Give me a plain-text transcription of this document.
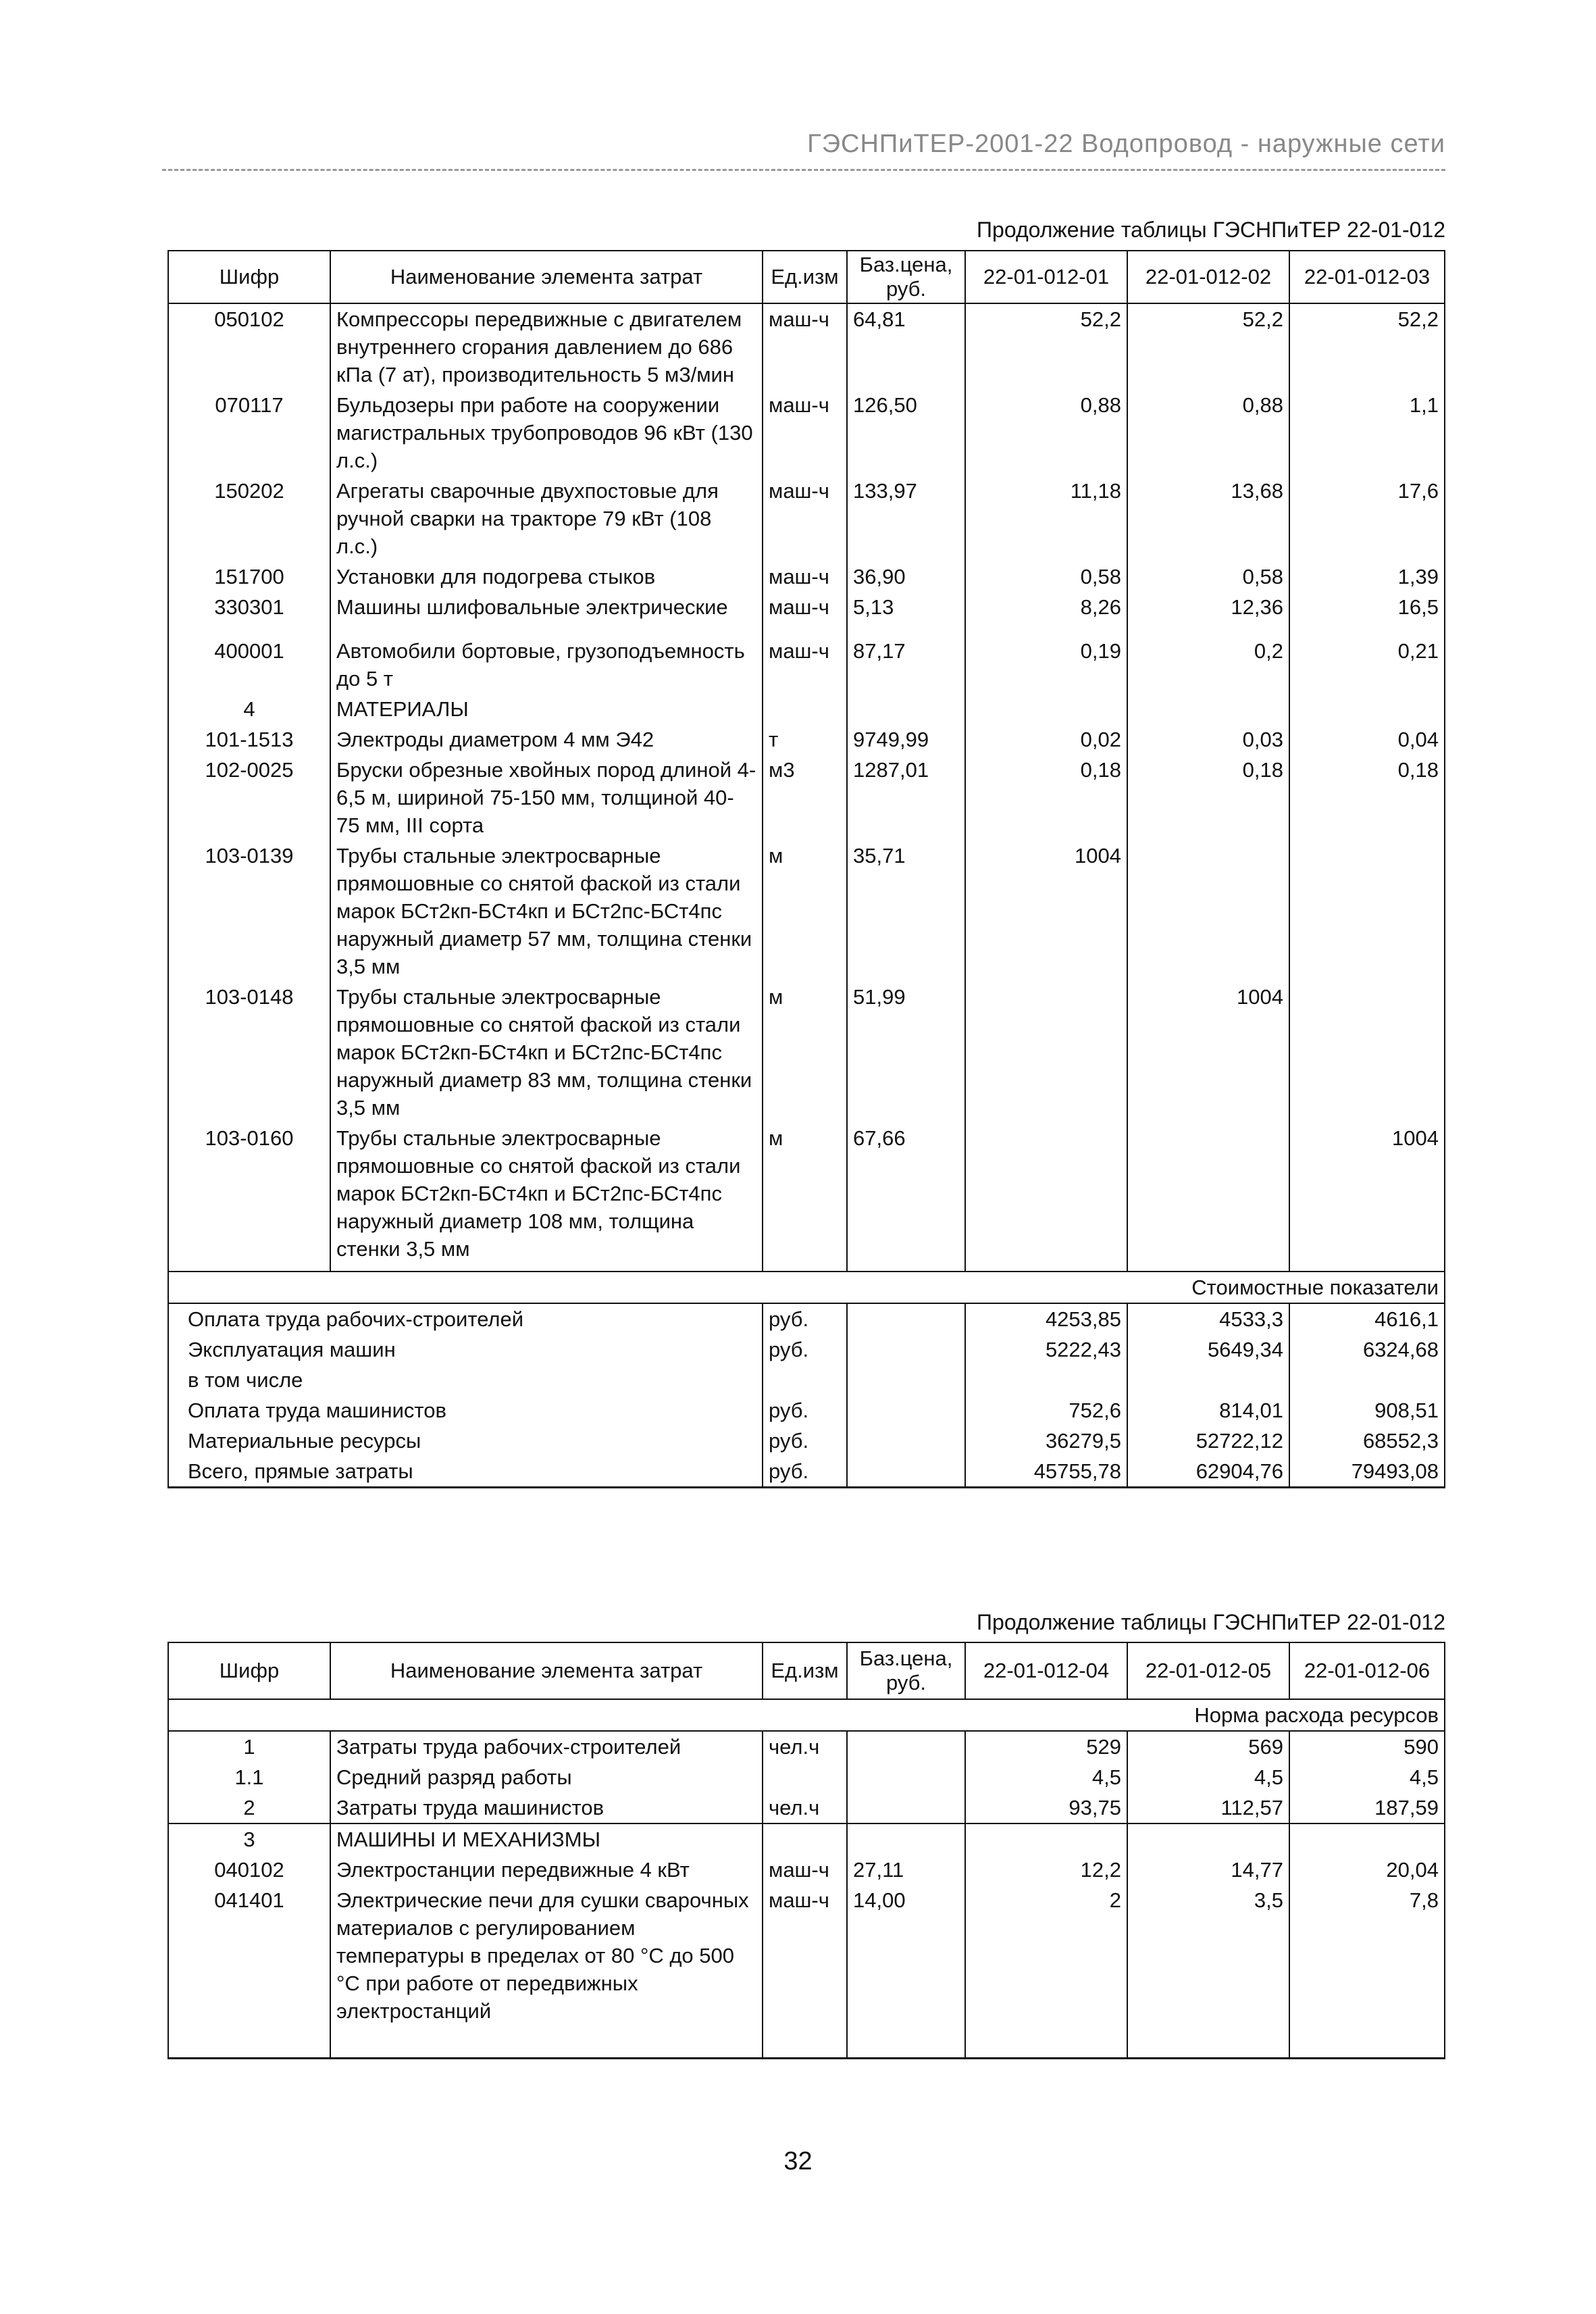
ГЭСНПиТЕР-2001-22 Водопровод - наружные сети
Продолжение таблицы ГЭСНПиТЕР 22-01-012
Шифр	Наименование элемента затрат	Ед.изм	Баз.цена, руб.	22-01-012-01	22-01-012-02	22-01-012-03
050102	Компрессоры передвижные с двигателем внутреннего сгорания давлением до 686 кПа (7 ат), производительность 5 м3/мин	маш-ч	64,81	52,2	52,2	52,2
070117	Бульдозеры при работе на сооружении магистральных трубопроводов 96 кВт (130 л.с.)	маш-ч	126,50	0,88	0,88	1,1
150202	Агрегаты сварочные двухпостовые для ручной сварки на тракторе 79 кВт (108 л.с.)	маш-ч	133,97	11,18	13,68	17,6
151700	Установки для подогрева стыков	маш-ч	36,90	0,58	0,58	1,39
330301	Машины шлифовальные электрические	маш-ч	5,13	8,26	12,36	16,5
400001	Автомобили бортовые, грузоподъемность до 5 т	маш-ч	87,17	0,19	0,2	0,21
4	МАТЕРИАЛЫ					
101-1513	Электроды диаметром 4 мм Э42	т	9749,99	0,02	0,03	0,04
102-0025	Бруски обрезные хвойных пород длиной 4-6,5 м, шириной 75-150 мм, толщиной 40-75 мм, III сорта	м3	1287,01	0,18	0,18	0,18
103-0139	Трубы стальные электросварные прямошовные со снятой фаской из стали марок БСт2кп-БСт4кп и БСт2пс-БСт4пс наружный диаметр 57 мм, толщина стенки 3,5 мм	м	35,71	1004		
103-0148	Трубы стальные электросварные прямошовные со снятой фаской из стали марок БСт2кп-БСт4кп и БСт2пс-БСт4пс наружный диаметр 83 мм, толщина стенки 3,5 мм	м	51,99		1004	
103-0160	Трубы стальные электросварные прямошовные со снятой фаской из стали марок БСт2кп-БСт4кп и БСт2пс-БСт4пс наружный диаметр 108 мм, толщина стенки 3,5 мм	м	67,66			1004
Стоимостные показатели						
Оплата труда рабочих-строителей		руб.		4253,85	4533,3	4616,1
Эксплуатация машин		руб.		5222,43	5649,34	6324,68
в том числе						
Оплата труда машинистов		руб.		752,6	814,01	908,51
Материальные ресурсы		руб.		36279,5	52722,12	68552,3
Всего, прямые затраты		руб.		45755,78	62904,76	79493,08
Продолжение таблицы ГЭСНПиТЕР 22-01-012
Шифр	Наименование элемента затрат	Ед.изм	Баз.цена, руб.	22-01-012-04	22-01-012-05	22-01-012-06
Норма расхода ресурсов						
1	Затраты труда рабочих-строителей	чел.ч		529	569	590
1.1	Средний разряд работы			4,5	4,5	4,5
2	Затраты труда машинистов	чел.ч		93,75	112,57	187,59
3	МАШИНЫ И МЕХАНИЗМЫ					
040102	Электростанции передвижные 4 кВт	маш-ч	27,11	12,2	14,77	20,04
041401	Электрические печи для сушки сварочных материалов с регулированием температуры в пределах от 80 °С до 500 °С при работе от передвижных электростанций	маш-ч	14,00	2	3,5	7,8
32
